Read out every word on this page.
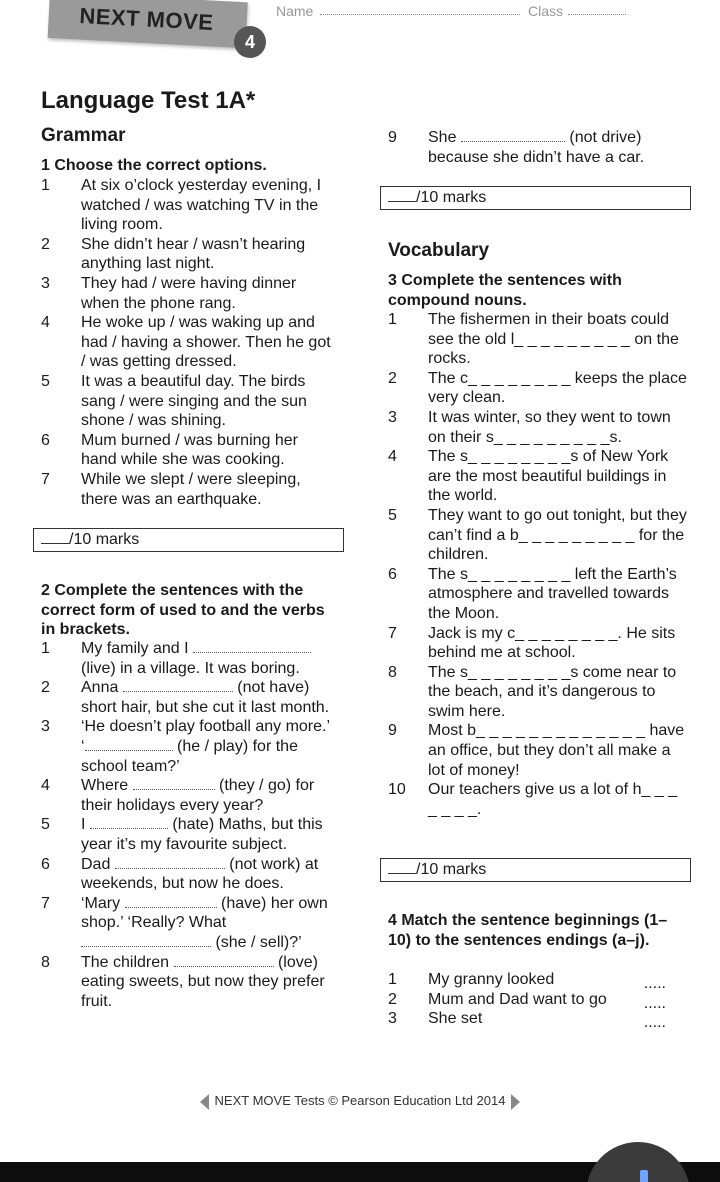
NEXT MOVE
4
Name	Class
Language Test 1A*
Grammar
1 Choose the correct options.
1 At six o’clock yesterday evening, I watched / was watching TV in the living room.
2 She didn’t hear / wasn’t hearing anything last night.
3 They had / were having dinner when the phone rang.
4 He woke up / was waking up and had / having a shower. Then he got / was getting dressed.
5 It was a beautiful day. The birds sang / were singing and the sun shone / was shining.
6 Mum burned / was burning her hand while she was cooking.
7 While we slept / were sleeping, there was an earthquake.
/10 marks
2 Complete the sentences with the correct form of used to and the verbs in brackets.
1 My family and I  (live) in a village. It was boring.
2 Anna	(not have) short hair, but she cut it last month.
3 ‘He doesn’t play football any more.’ ‘	(he / play) for the school team?’
4 Where	(they / go) for their holidays every year?
5 I	(hate) Maths, but this year it’s my favourite subject.
6 Dad	(not work) at weekends, but now he does.
7 ‘Mary	(have) her own shop.’ ‘Really? What  (she / sell)?’
8 The children	(love) eating sweets, but now they prefer fruit.
9 She	(not drive) because she didn’t have a car.
/10 marks
Vocabulary
3 Complete the sentences with compound nouns.
1 The fishermen in their boats could see the old l_ _ _ _ _ _ _ _ _ on the rocks.
2 The c_ _ _ _ _ _ _ _ keeps the place very clean.
3 It was winter, so they went to town on their s_ _ _ _ _ _ _ _ _s.
4 The s_ _ _ _ _ _ _ _s of New York are the most beautiful buildings in the world.
5 They want to go out tonight, but they can’t find a b_ _ _ _ _ _ _ _ _ for the children.
6 The s_ _ _ _ _ _ _ _ left the Earth’s atmosphere and travelled towards the Moon.
7 Jack is my c_ _ _ _ _ _ _ _. He sits behind me at school.
8 The s_ _ _ _ _ _ _ _s come near to the beach, and it’s dangerous to swim here.
9 Most b_ _ _ _ _ _ _ _ _ _ _ _ _ have an office, but they don’t all make a lot of money!
10 Our teachers give us a lot of h_ _ _ _ _ _ _.
/10 marks
4 Match the sentence beginnings (1–10) to the sentences endings (a–j).
1 My granny looked	.....
2 Mum and Dad want to go .....
3 She set	.....
NEXT MOVE Tests © Pearson Education Ltd 2014
